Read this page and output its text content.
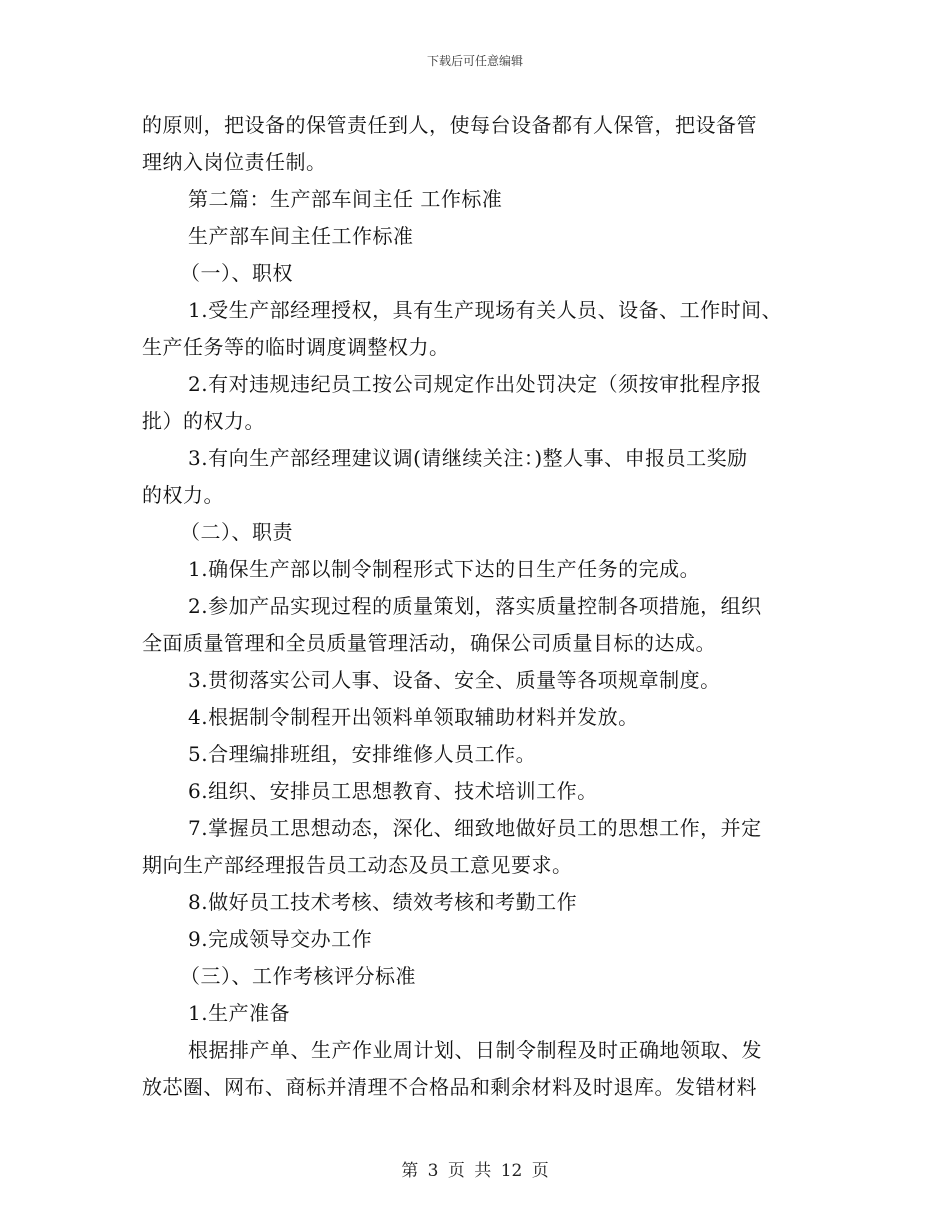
下载后可任意编辑
的原则，把设备的保管责任到人，使每台设备都有人保管，把设备管
理纳入岗位责任制。
第二篇：生产部车间主任 工作标准
生产部车间主任工作标准
（一）、职权
1.受生产部经理授权，具有生产现场有关人员、设备、工作时间、
生产任务等的临时调度调整权力。
2.有对违规违纪员工按公司规定作出处罚决定（须按审批程序报
批）的权力。
3.有向生产部经理建议调(请继续关注：)整人事、申报员工奖励
的权力。
（二）、职责
1.确保生产部以制令制程形式下达的日生产任务的完成。
2.参加产品实现过程的质量策划，落实质量控制各项措施，组织
全面质量管理和全员质量管理活动，确保公司质量目标的达成。
3.贯彻落实公司人事、设备、安全、质量等各项规章制度。
4.根据制令制程开出领料单领取辅助材料并发放。
5.合理编排班组，安排维修人员工作。
6.组织、安排员工思想教育、技术培训工作。
7.掌握员工思想动态，深化、细致地做好员工的思想工作，并定
期向生产部经理报告员工动态及员工意见要求。
8.做好员工技术考核、绩效考核和考勤工作
9.完成领导交办工作
（三）、工作考核评分标准
1.生产准备
根据排产单、生产作业周计划、日制令制程及时正确地领取、发
放芯圈、网布、商标并清理不合格品和剩余材料及时退库。发错材料
第 3 页 共 12 页
